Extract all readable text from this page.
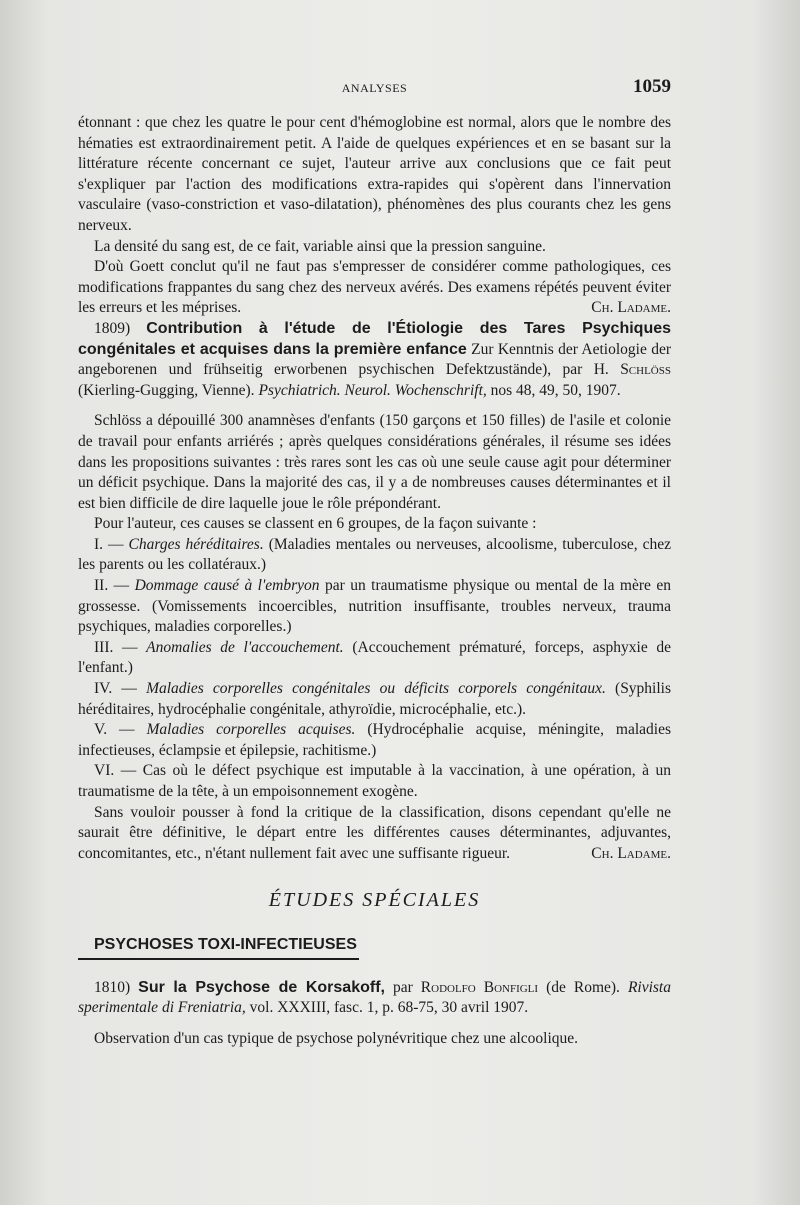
ANALYSES	1059

étonnant : que chez les quatre le pour cent d'hémoglobine est normal, alors que le nombre des hématies est extraordinairement petit. A l'aide de quelques expériences et en se basant sur la littérature récente concernant ce sujet, l'auteur arrive aux conclusions que ce fait peut s'expliquer par l'action des modifications extra-rapides qui s'opèrent dans l'innervation vasculaire (vaso-constriction et vaso-dilatation), phénomènes des plus courants chez les gens nerveux.

La densité du sang est, de ce fait, variable ainsi que la pression sanguine.

D'où Goett conclut qu'il ne faut pas s'empresser de considérer comme pathologiques, ces modifications frappantes du sang chez des nerveux avérés. Des examens répétés peuvent éviter les erreurs et les méprises.	Ch. Ladame.

1809) Contribution à l'étude de l'Étiologie des Tares Psychiques congénitales et acquises dans la première enfance Zur Kenntnis der Aetiologie der angeborenen und frühseitig erworbenen psychischen Defektzustände), par H. Schlöss (Kierling-Gugging, Vienne). Psychiatrich. Neurol. Wochenschrift, nos 48, 49, 50, 1907.

Schlöss a dépouillé 300 anamnèses d'enfants (150 garçons et 150 filles) de l'asile et colonie de travail pour enfants arriérés ; après quelques considérations générales, il résume ses idées dans les propositions suivantes : très rares sont les cas où une seule cause agit pour déterminer un déficit psychique. Dans la majorité des cas, il y a de nombreuses causes déterminantes et il est bien difficile de dire laquelle joue le rôle prépondérant.

Pour l'auteur, ces causes se classent en 6 groupes, de la façon suivante :

I. — Charges héréditaires. (Maladies mentales ou nerveuses, alcoolisme, tuberculose, chez les parents ou les collatéraux.)

II. — Dommage causé à l'embryon par un traumatisme physique ou mental de la mère en grossesse. (Vomissements incoercibles, nutrition insuffisante, troubles nerveux, trauma psychiques, maladies corporelles.)

III. — Anomalies de l'accouchement. (Accouchement prématuré, forceps, asphyxie de l'enfant.)

IV. — Maladies corporelles congénitales ou déficits corporels congénitaux. (Syphilis héréditaires, hydrocéphalie congénitale, athyroïdie, microcéphalie, etc.).

V. — Maladies corporelles acquises. (Hydrocéphalie acquise, méningite, maladies infectieuses, éclampsie et épilepsie, rachitisme.)

VI. — Cas où le défect psychique est imputable à la vaccination, à une opération, à un traumatisme de la tête, à un empoisonnement exogène.

Sans vouloir pousser à fond la critique de la classification, disons cependant qu'elle ne saurait être définitive, le départ entre les différentes causes déterminantes, adjuvantes, concomitantes, etc., n'étant nullement fait avec une suffisante rigueur.	Ch. Ladame.

ÉTUDES SPÉCIALES

PSYCHOSES TOXI-INFECTIEUSES

1810) Sur la Psychose de Korsakoff, par Rodolfo Bonfigli (de Rome). Rivista sperimentale di Freniatria, vol. XXXIII, fasc. 1, p. 68-75, 30 avril 1907.

Observation d'un cas typique de psychose polynévritique chez une alcoolique.
